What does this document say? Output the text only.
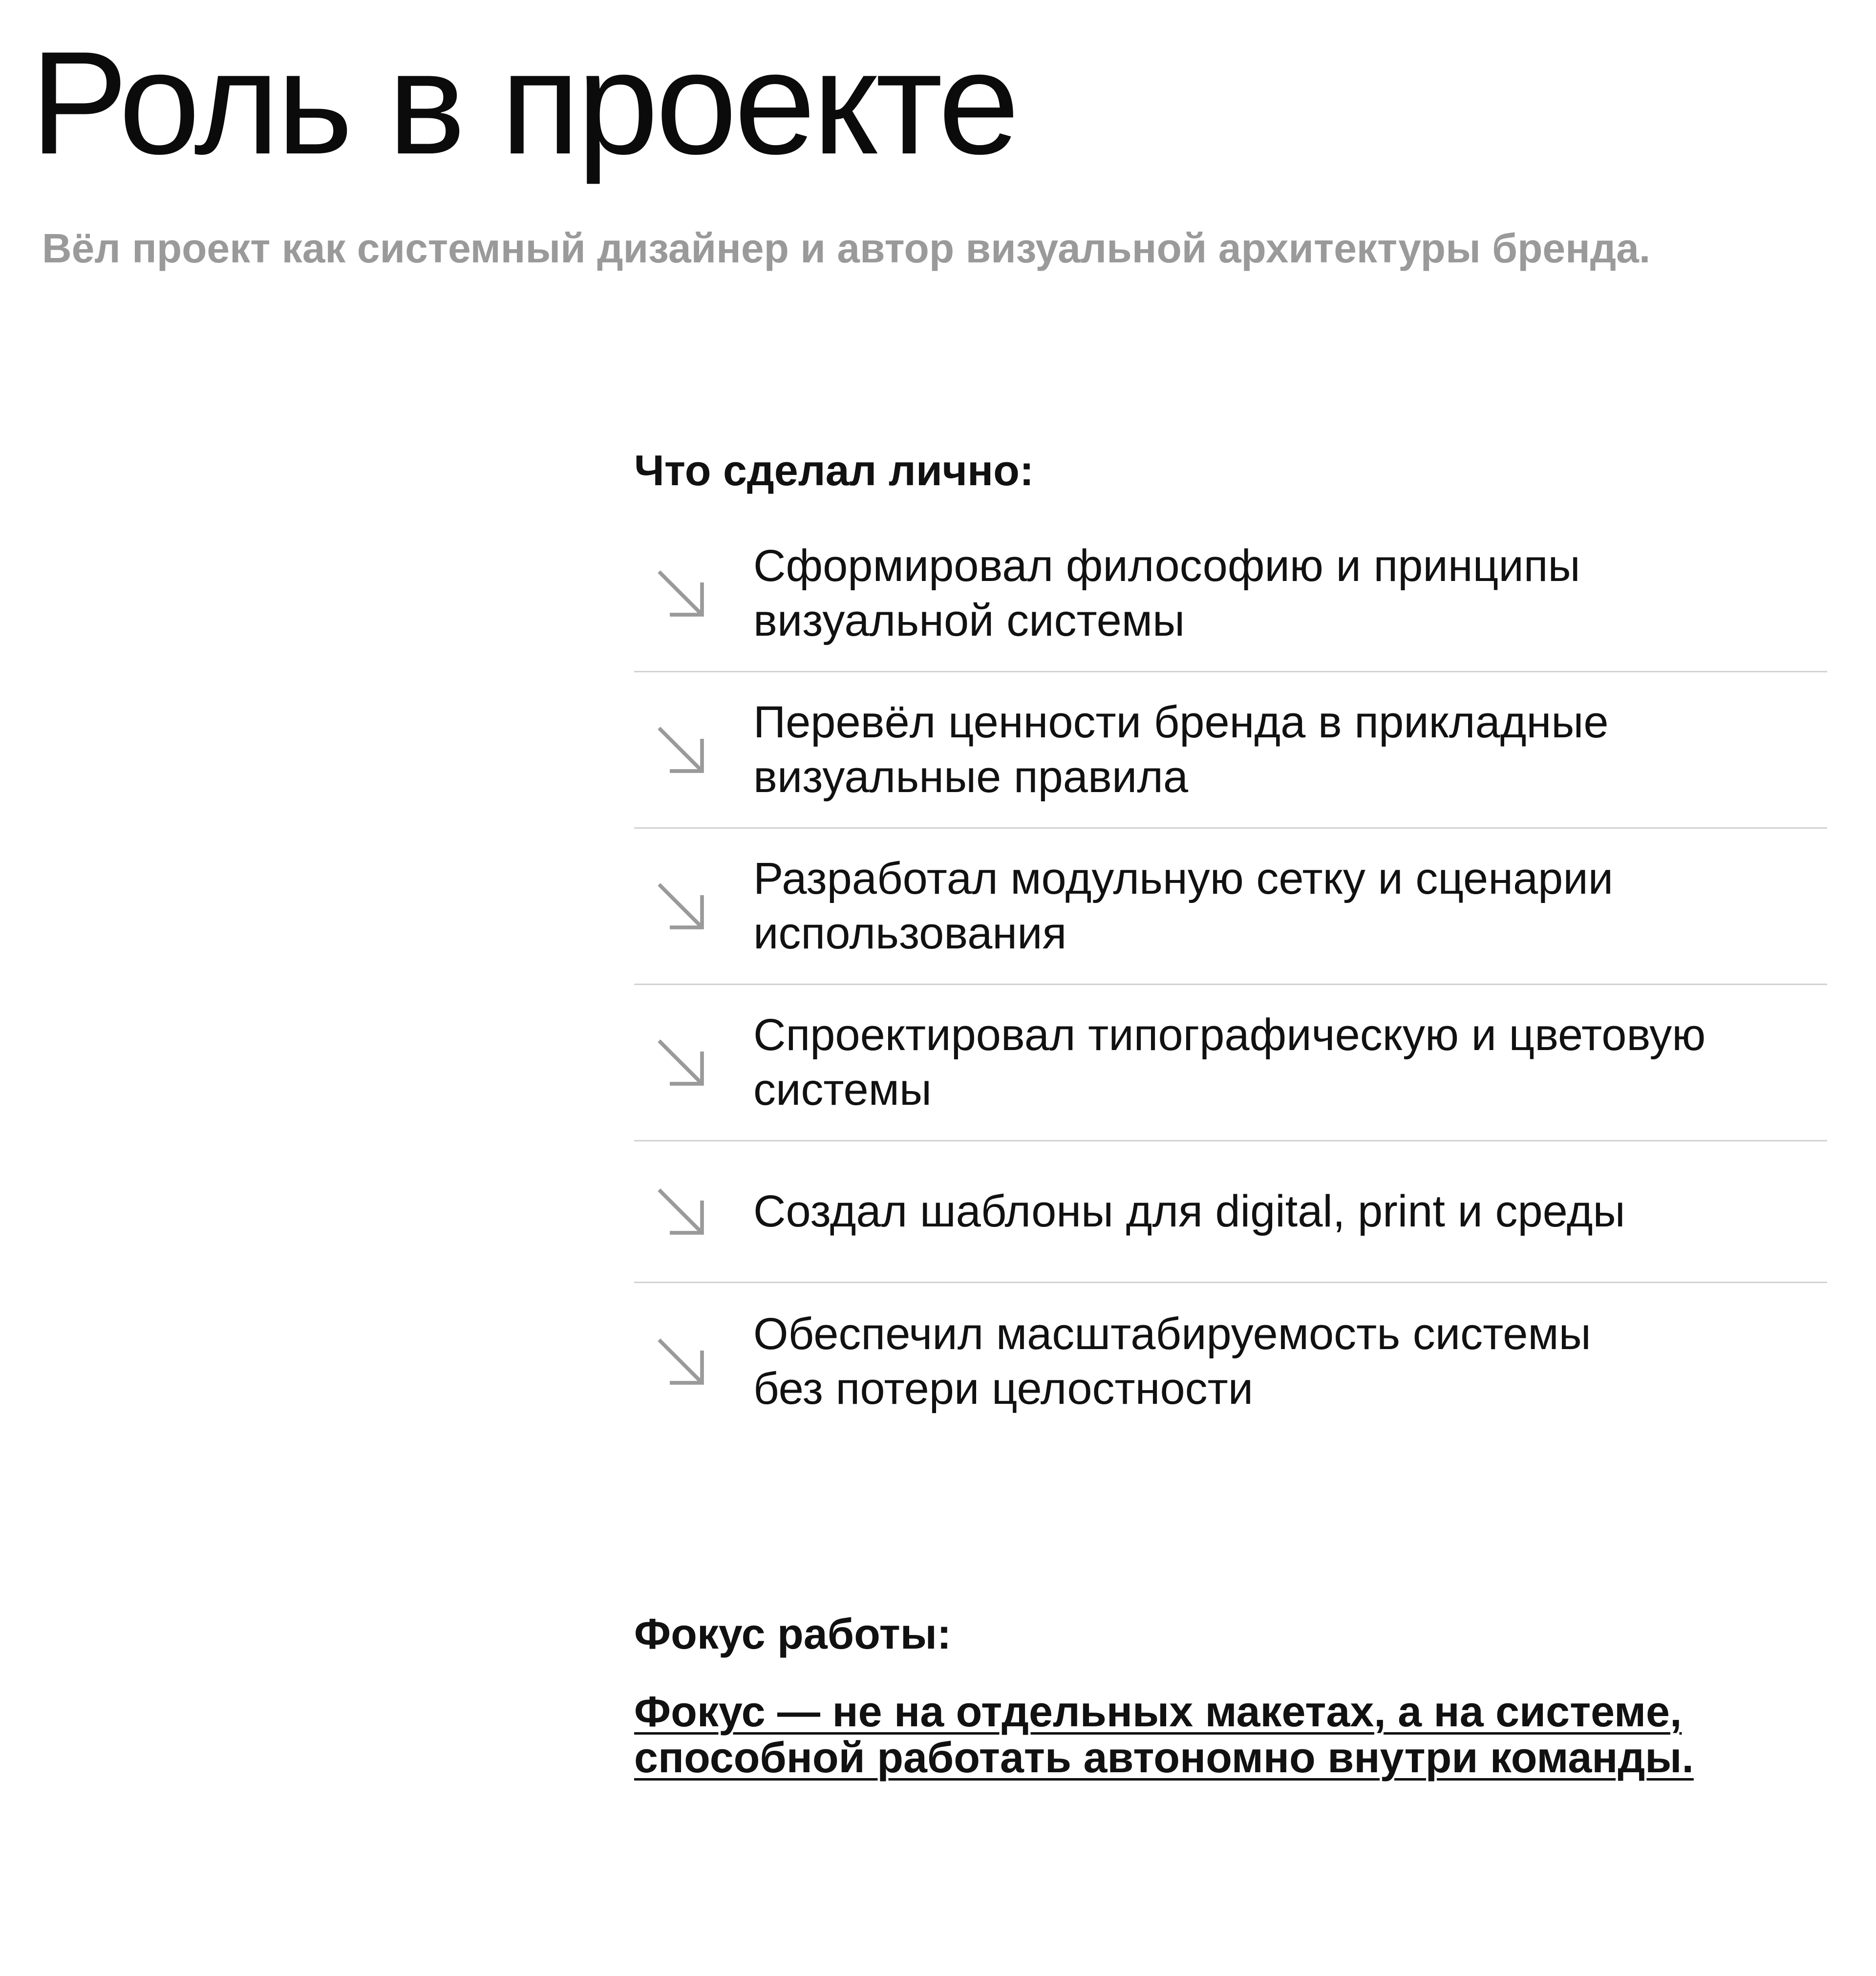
Роль в проекте

Вёл проект как системный дизайнер и автор визуальной архитектуры бренда.

Что сделал лично:
Сформировал философию и принципы
визуальной системы
Перевёл ценности бренда в прикладные
визуальные правила
Разработал модульную сетку и сценарии
использования
Спроектировал типографическую и цветовую
системы
Создал шаблоны для digital, print и среды
Обеспечил масштабируемость системы
без потери целостности
Фокус работы:
Фокус — не на отдельных макетах, а на системе,
способной работать автономно внутри команды.
